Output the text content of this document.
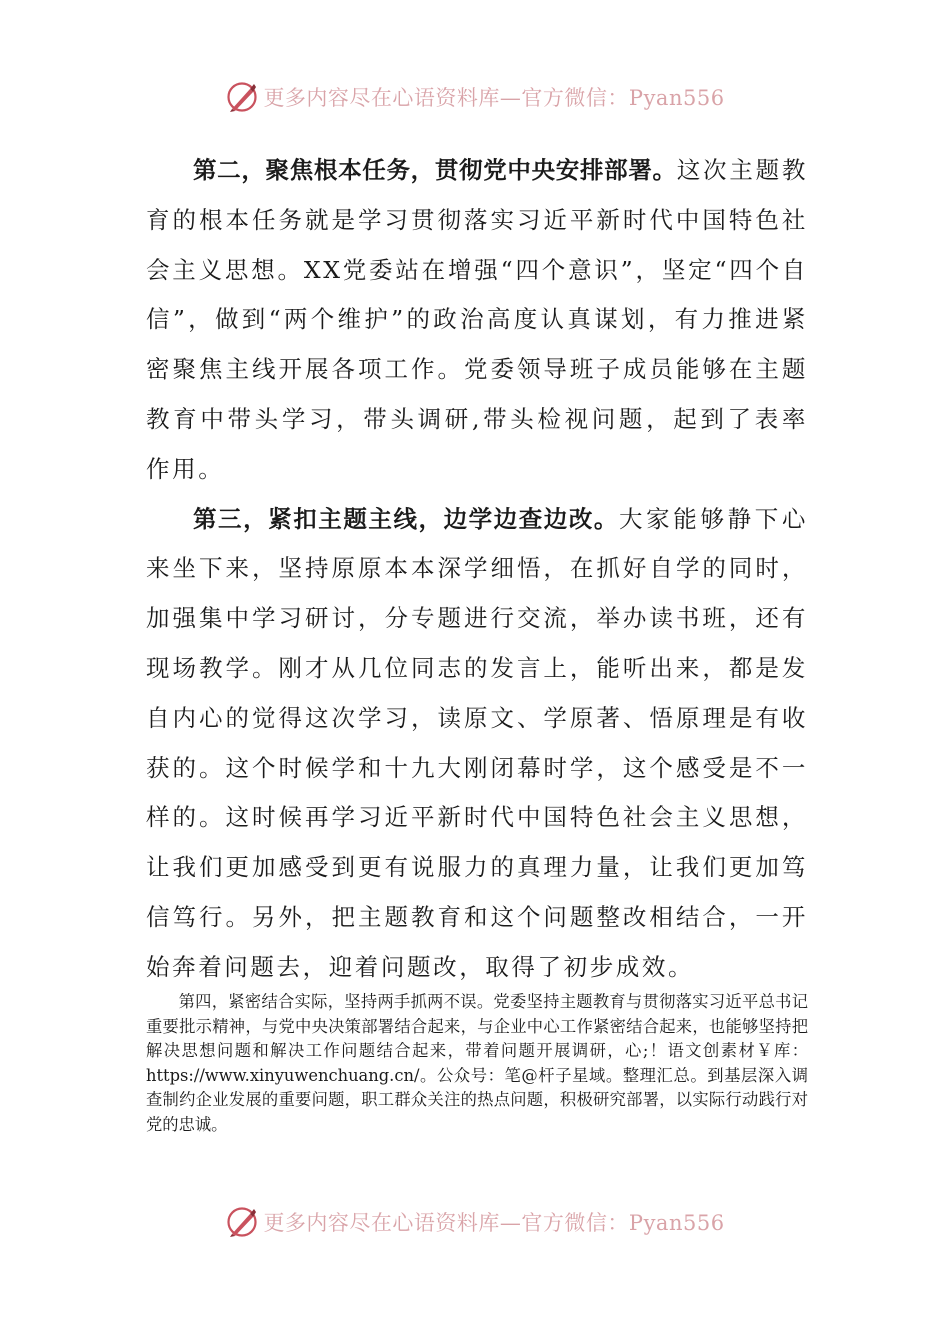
更多内容尽在心语资料库—官方微信：Pyan556

第二，聚焦根本任务，贯彻党中央安排部署。这次主题教育的根本任务就是学习贯彻落实习近平新时代中国特色社会主义思想。XX党委站在增强“四个意识”，坚定“四个自信”，做到“两个维护”的政治高度认真谋划，有力推进紧密聚焦主线开展各项工作。党委领导班子成员能够在主题教育中带头学习，带头调研,带头检视问题，起到了表率作用。

第三，紧扣主题主线，边学边查边改。大家能够静下心来坐下来，坚持原原本本深学细悟，在抓好自学的同时，加强集中学习研讨，分专题进行交流，举办读书班，还有现场教学。刚才从几位同志的发言上，能听出来，都是发自内心的觉得这次学习，读原文、学原著、悟原理是有收获的。这个时候学和十九大刚闭幕时学，这个感受是不一样的。这时候再学习近平新时代中国特色社会主义思想，让我们更加感受到更有说服力的真理力量，让我们更加笃信笃行。另外，把主题教育和这个问题整改相结合，一开始奔着问题去，迎着问题改，取得了初步成效。

第四，紧密结合实际，坚持两手抓两不误。党委坚持主题教育与贯彻落实习近平总书记重要批示精神，与党中央决策部署结合起来，与企业中心工作紧密结合起来，也能够坚持把解决思想问题和解决工作问题结合起来，带着问题开展调研，心;！语文创素材￥库：https://www.xinyuwenchuang.cn/。公众号：笔@杆子星域。整理汇总。到基层深入调查制约企业发展的重要问题，职工群众关注的热点问题，积极研究部署，以实际行动践行对党的忠诚。

更多内容尽在心语资料库—官方微信：Pyan556
